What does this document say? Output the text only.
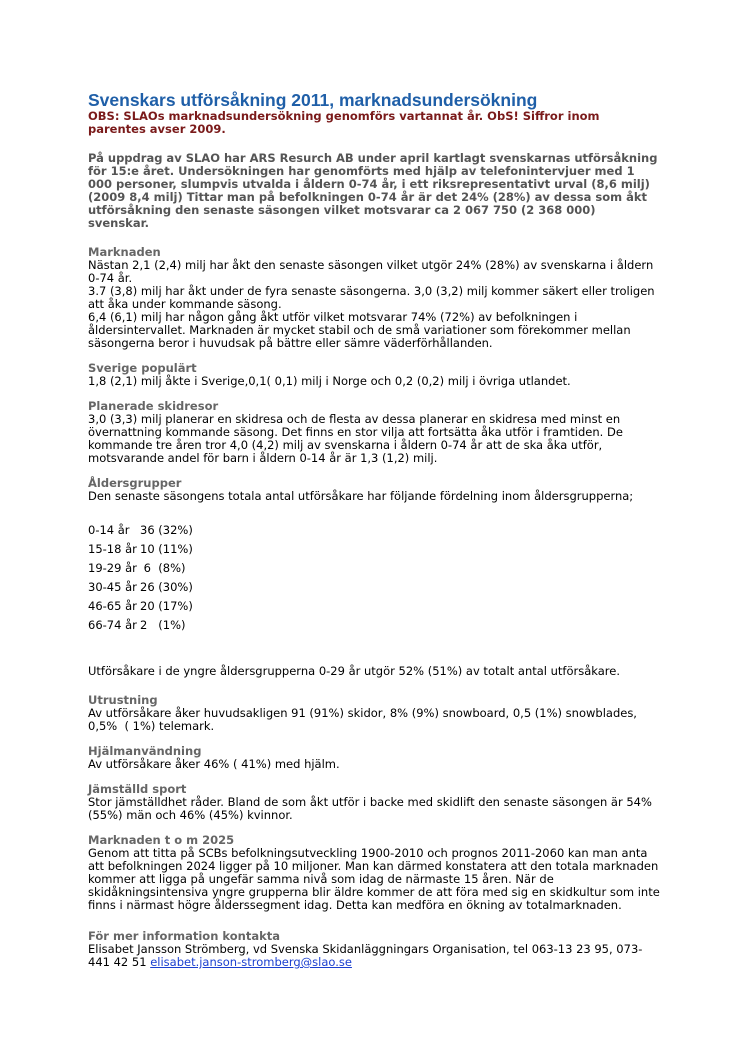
Svenskars utförsåkning 2011, marknadsundersökning

OBS: SLAOs marknadsundersökning genomförs vartannat år. ObS! Siffror inom parentes avser 2009.

På uppdrag av SLAO har ARS Resurch AB under april kartlagt svenskarnas utförsåkning för 15:e året. Undersökningen har genomförts med hjälp av telefonintervjuer med 1 000 personer, slumpvis utvalda i åldern 0-74 år, i ett riksrepresentativt urval (8,6 milj)(2009 8,4 milj) Tittar man på befolkningen 0-74 år är det 24% (28%) av dessa som åkt utförsåkning den senaste säsongen vilket motsvarar ca 2 067 750 (2 368 000) svenskar.

Marknaden

Nästan 2,1 (2,4) milj har åkt den senaste säsongen vilket utgör 24% (28%) av svenskarna i åldern 0-74 år.

3.7 (3,8) milj har åkt under de fyra senaste säsongerna. 3,0 (3,2) milj kommer säkert eller troligen att åka under kommande säsong.

6,4 (6,1) milj har någon gång åkt utför vilket motsvarar 74% (72%) av befolkningen i åldersintervallet. Marknaden är mycket stabil och de små variationer som förekommer mellan säsongerna beror i huvudsak på bättre eller sämre väderförhållanden.

Sverige populärt

1,8 (2,1) milj åkte i Sverige,0,1( 0,1) milj i Norge och 0,2 (0,2) milj i övriga utlandet.

Planerade skidresor

3,0 (3,3) milj planerar en skidresa och de flesta av dessa planerar en skidresa med minst en övernattning kommande säsong. Det finns en stor vilja att fortsätta åka utför i framtiden. De kommande tre åren tror 4,0 (4,2) milj av svenskarna i åldern 0-74 år att de ska åka utför, motsvarande andel för barn i åldern 0-14 år är 1,3 (1,2) milj.

Åldersgrupper

Den senaste säsongens totala antal utförsåkare har följande fördelning inom åldersgrupperna;

0-14 år 36 (32%)
15-18 år 10 (11%)
19-29 år 6  (8%)
30-45 år 26 (30%)
46-65 år 20 (17%)
66-74 år 2   (1%)

Utförsåkare i de yngre åldersgrupperna 0-29 år utgör 52% (51%) av totalt antal utförsåkare.

Utrustning

Av utförsåkare åker huvudsakligen 91 (91%) skidor, 8% (9%) snowboard, 0,5 (1%) snowblades, 0,5%  ( 1%) telemark.

Hjälmanvändning

Av utförsåkare åker 46% ( 41%) med hjälm.

Jämställd sport

Stor jämställdhet råder. Bland de som åkt utför i backe med skidlift den senaste säsongen är 54% (55%) män och 46% (45%) kvinnor.

Marknaden t o m 2025

Genom att titta på SCBs befolkningsutveckling 1900-2010 och prognos 2011-2060 kan man anta att befolkningen 2024 ligger på 10 miljoner. Man kan därmed konstatera att den totala marknaden kommer att ligga på ungefär samma nivå som idag de närmaste 15 åren. När de skidåkningsintensiva yngre grupperna blir äldre kommer de att föra med sig en skidkultur som inte finns i närmast högre ålderssegment idag. Detta kan medföra en ökning av totalmarknaden.

För mer information kontakta

Elisabet Jansson Strömberg, vd Svenska Skidanläggningars Organisation, tel 063-13 23 95, 073-441 42 51 elisabet.janson-stromberg@slao.se
